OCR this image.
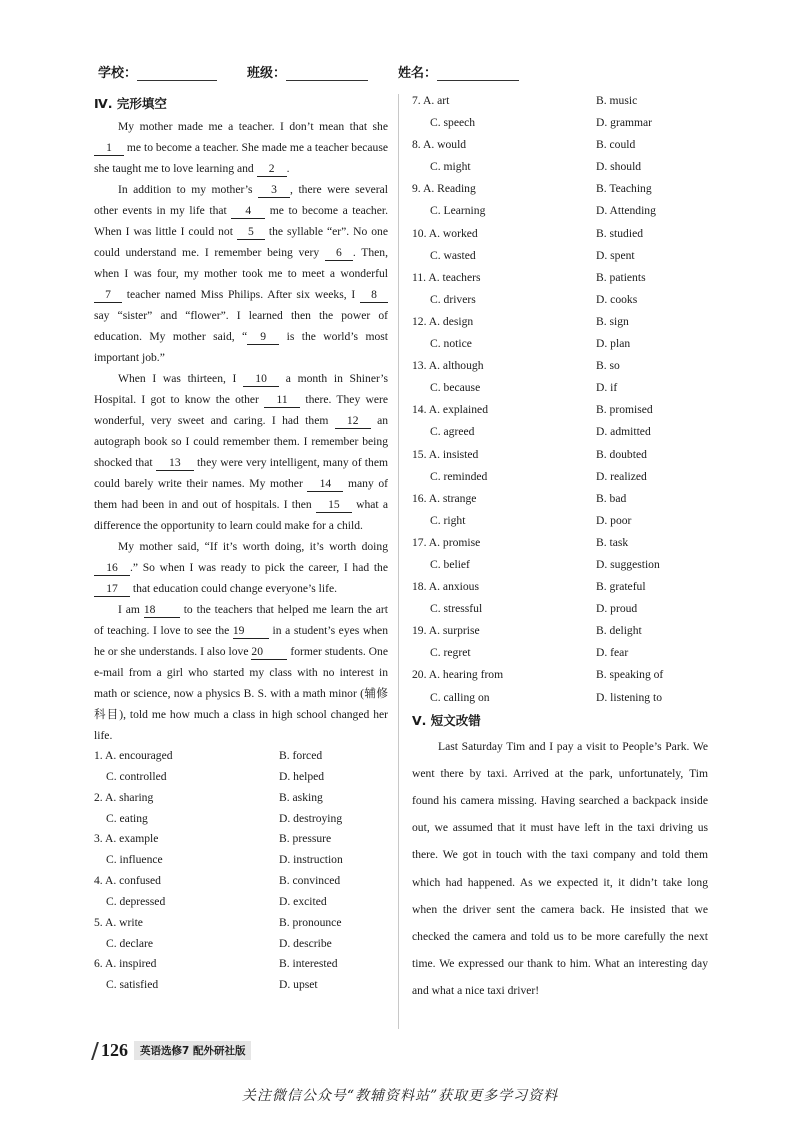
学校：	班级：	姓名：
Ⅳ. 完形填空

My mother made me a teacher. I don’t mean that she 1 me to become a teacher. She made me a teacher because she taught me to love learning and 2 .

In addition to my mother’s 3 , there were several other events in my life that 4 me to become a teacher. When I was little I could not 5 the syllable “er”. No one could understand me. I remember being very 6 . Then, when I was four, my mother took me to meet a wonderful 7 teacher named Miss Philips. After six weeks, I 8 say “sister” and “flower”. I learned then the power of education. My mother said, “ 9 is the world’s most important job.”

When I was thirteen, I 10 a month in Shiner’s Hospital. I got to know the other 11 there. They were wonderful, very sweet and caring. I had them 12 an autograph book so I could remember them. I remember being shocked that 13 they were very intelligent, many of them could barely write their names. My mother 14 many of them had been in and out of hospitals. I then 15 what a difference the opportunity to learn could make for a child.

My mother said, “If it’s worth doing, it’s worth doing 16 .” So when I was ready to pick the career, I had the 17 that education could change everyone’s life.

I am 18 to the teachers that helped me learn the art of teaching. I love to see the 19 in a student’s eyes when he or she understands. I also love 20 former students. One e-mail from a girl who started my class with no interest in math or science, now a physics B. S. with a math minor (辅修科目), told me how much a class in high school changed her life.

1. A. encouraged	B. forced
C. controlled	D. helped
2. A. sharing	B. asking
C. eating	D. destroying
3. A. example	B. pressure
C. influence	D. instruction
4. A. confused	B. convinced
C. depressed	D. excited
5. A. write	B. pronounce
C. declare	D. describe
6. A. inspired	B. interested
C. satisfied	D. upset
7. A. art	B. music
C. speech	D. grammar
8. A. would	B. could
C. might	D. should
9. A. Reading	B. Teaching
C. Learning	D. Attending
10. A. worked	B. studied
C. wasted	D. spent
11. A. teachers	B. patients
C. drivers	D. cooks
12. A. design	B. sign
C. notice	D. plan
13. A. although	B. so
C. because	D. if
14. A. explained	B. promised
C. agreed	D. admitted
15. A. insisted	B. doubted
C. reminded	D. realized
16. A. strange	B. bad
C. right	D. poor
17. A. promise	B. task
C. belief	D. suggestion
18. A. anxious	B. grateful
C. stressful	D. proud
19. A. surprise	B. delight
C. regret	D. fear
20. A. hearing from	B. speaking of
C. calling on	D. listening to
Ⅴ. 短文改错

Last Saturday Tim and I pay a visit to People’s Park. We went there by taxi. Arrived at the park, unfortunately, Tim found his camera missing. Having searched a backpack inside out, we assumed that it must have left in the taxi driving us there. We got in touch with the taxi company and told them which had happened. As we expected it, it didn’t take long when the driver sent the camera back. He insisted that we checked the camera and told us to be more carefully the next time. We expressed our thank to him. What an interesting day and what a nice taxi driver!

126	英语选修7 配外研社版
关注微信公众号“教辅资料站”获取更多学习资料
